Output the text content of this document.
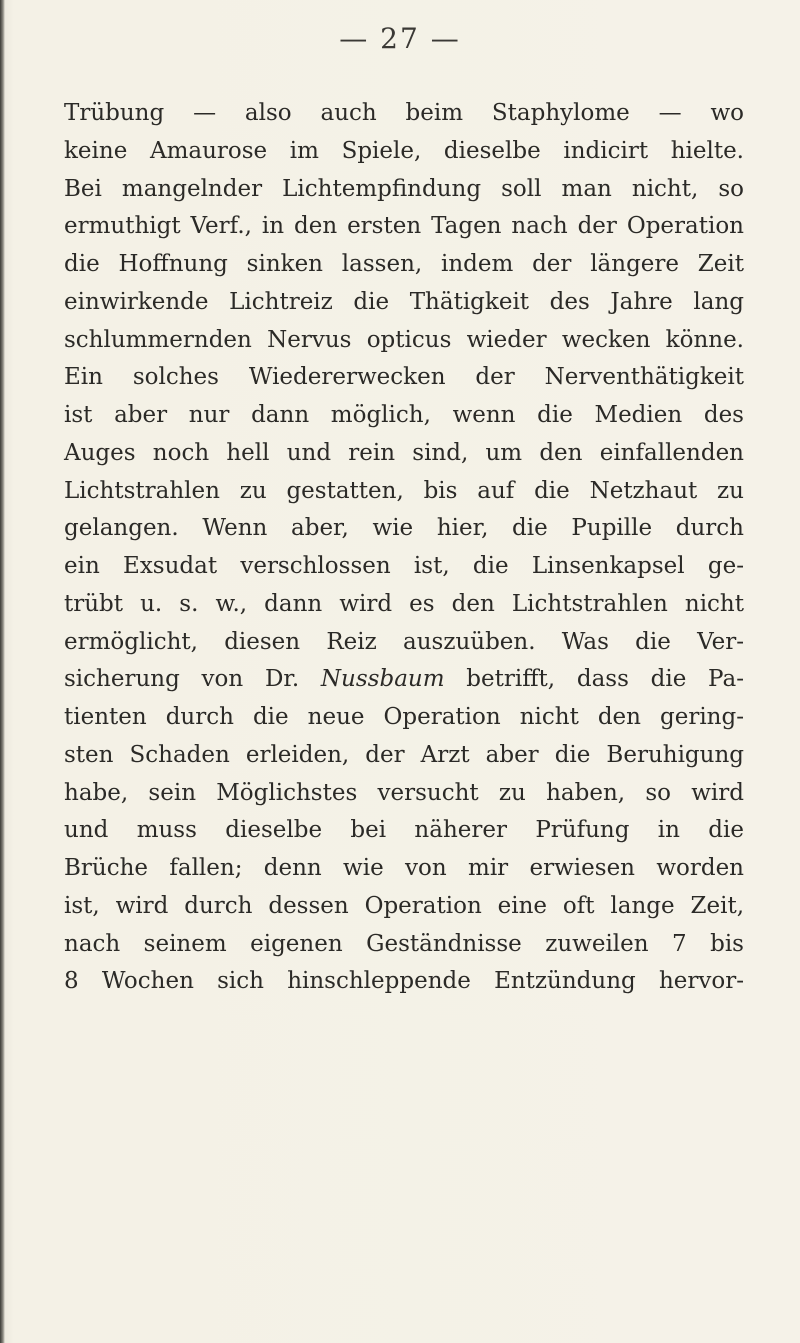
— 27 —
Trübung — also auch beim Staphylome — wo
keine Amaurose im Spiele, dieselbe indicirt hielte.
Bei mangelnder Lichtempfindung soll man nicht, so
ermuthigt Verf., in den ersten Tagen nach der Operation
die Hoffnung sinken lassen, indem der längere Zeit
einwirkende Lichtreiz die Thätigkeit des Jahre lang
schlummernden Nervus opticus wieder wecken könne.
Ein solches Wiedererwecken der Nerventhätigkeit
ist aber nur dann möglich, wenn die Medien des
Auges noch hell und rein sind, um den einfallenden
Lichtstrahlen zu gestatten, bis auf die Netzhaut zu
gelangen. Wenn aber, wie hier, die Pupille durch
ein Exsudat verschlossen ist, die Linsenkapsel ge-
trübt u. s. w., dann wird es den Lichtstrahlen nicht
ermöglicht, diesen Reiz auszuüben. Was die Ver-
sicherung von Dr. Nussbaum betrifft, dass die Pa-
tienten durch die neue Operation nicht den gering-
sten Schaden erleiden, der Arzt aber die Beruhigung
habe, sein Möglichstes versucht zu haben, so wird
und muss dieselbe bei näherer Prüfung in die
Brüche fallen; denn wie von mir erwiesen worden
ist, wird durch dessen Operation eine oft lange Zeit,
nach seinem eigenen Geständnisse zuweilen 7 bis
8 Wochen sich hinschleppende Entzündung hervor-
